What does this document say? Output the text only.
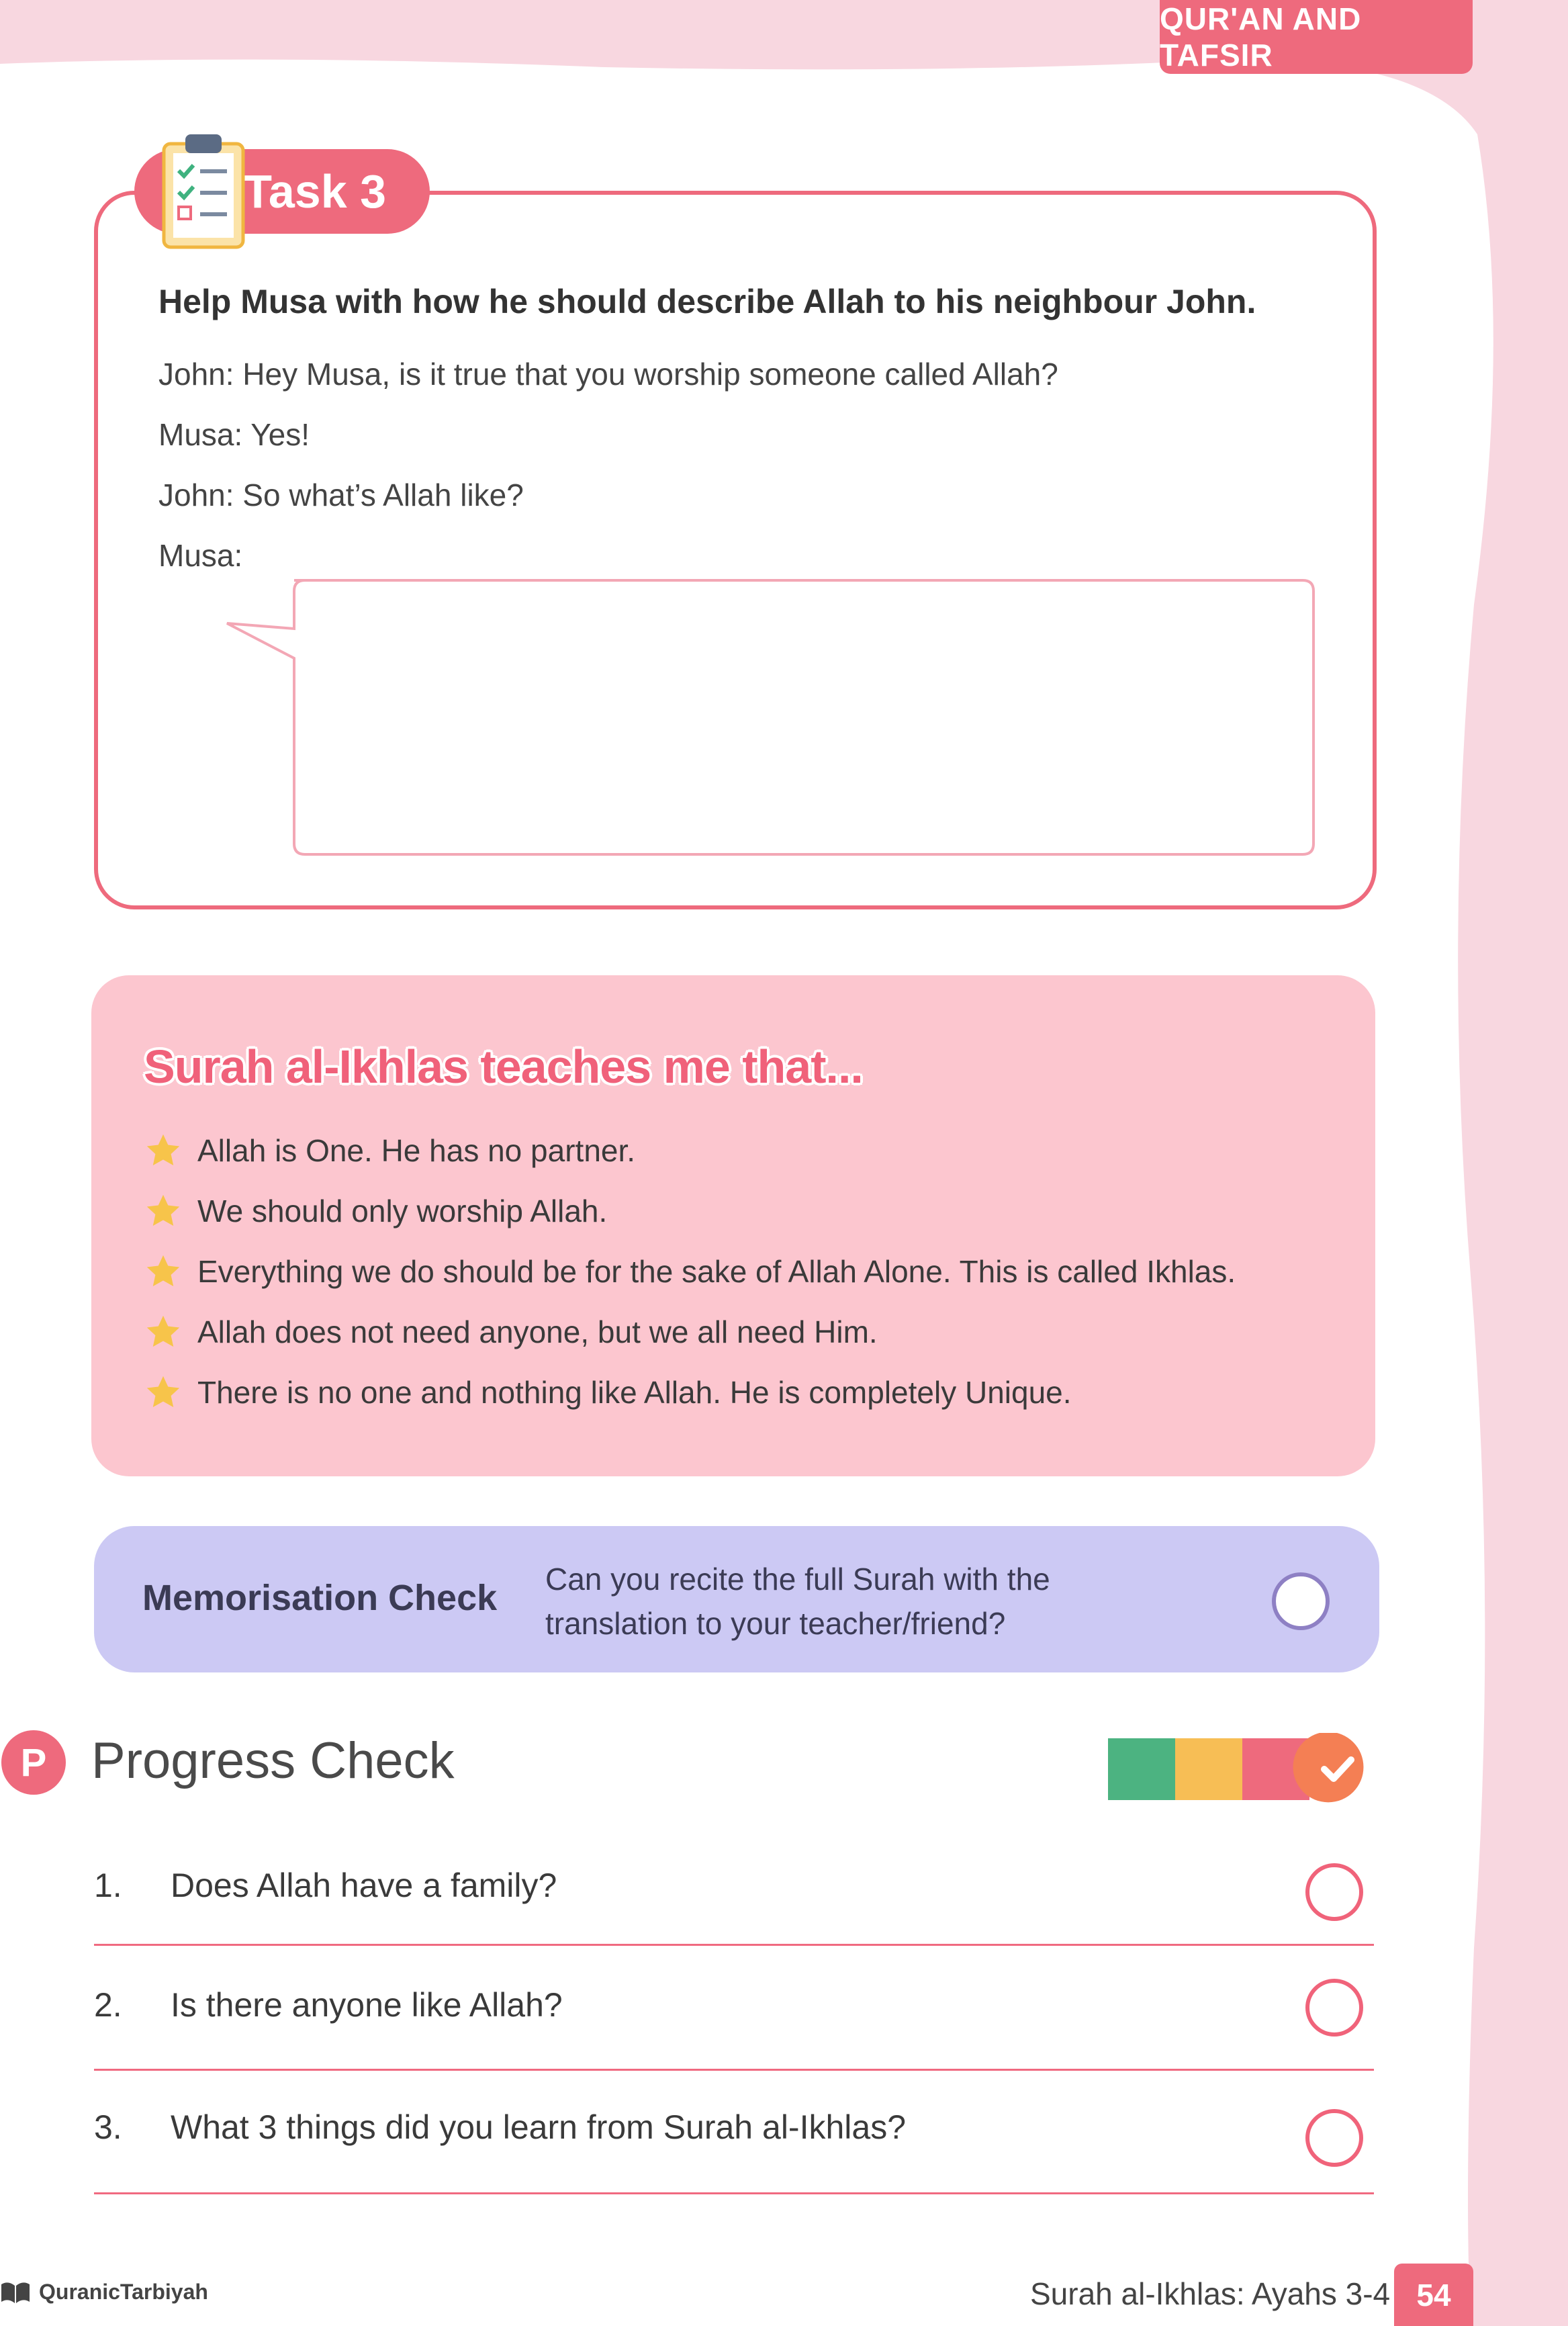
QUR'AN AND TAFSIR
Task 3
Help Musa with how he should describe Allah to his neighbour John.
John: Hey Musa, is it true that you worship someone called Allah?
Musa: Yes!
John: So what’s Allah like?
Musa:
Surah al-Ikhlas teaches me that...
Allah is One. He has no partner.
We should only worship Allah.
Everything we do should be for the sake of Allah Alone. This is called Ikhlas.
Allah does not need anyone, but we all need Him.
There is no one and nothing like Allah. He is completely Unique.
Memorisation Check Can you recite the full Surah with the
translation to your teacher/friend?
P Progress Check
1. Does Allah have a family?
2. Is there anyone like Allah?
3. What 3 things did you learn from Surah al-Ikhlas?
QuranicTarbiyah	Surah al-Ikhlas: Ayahs 3-4 54
